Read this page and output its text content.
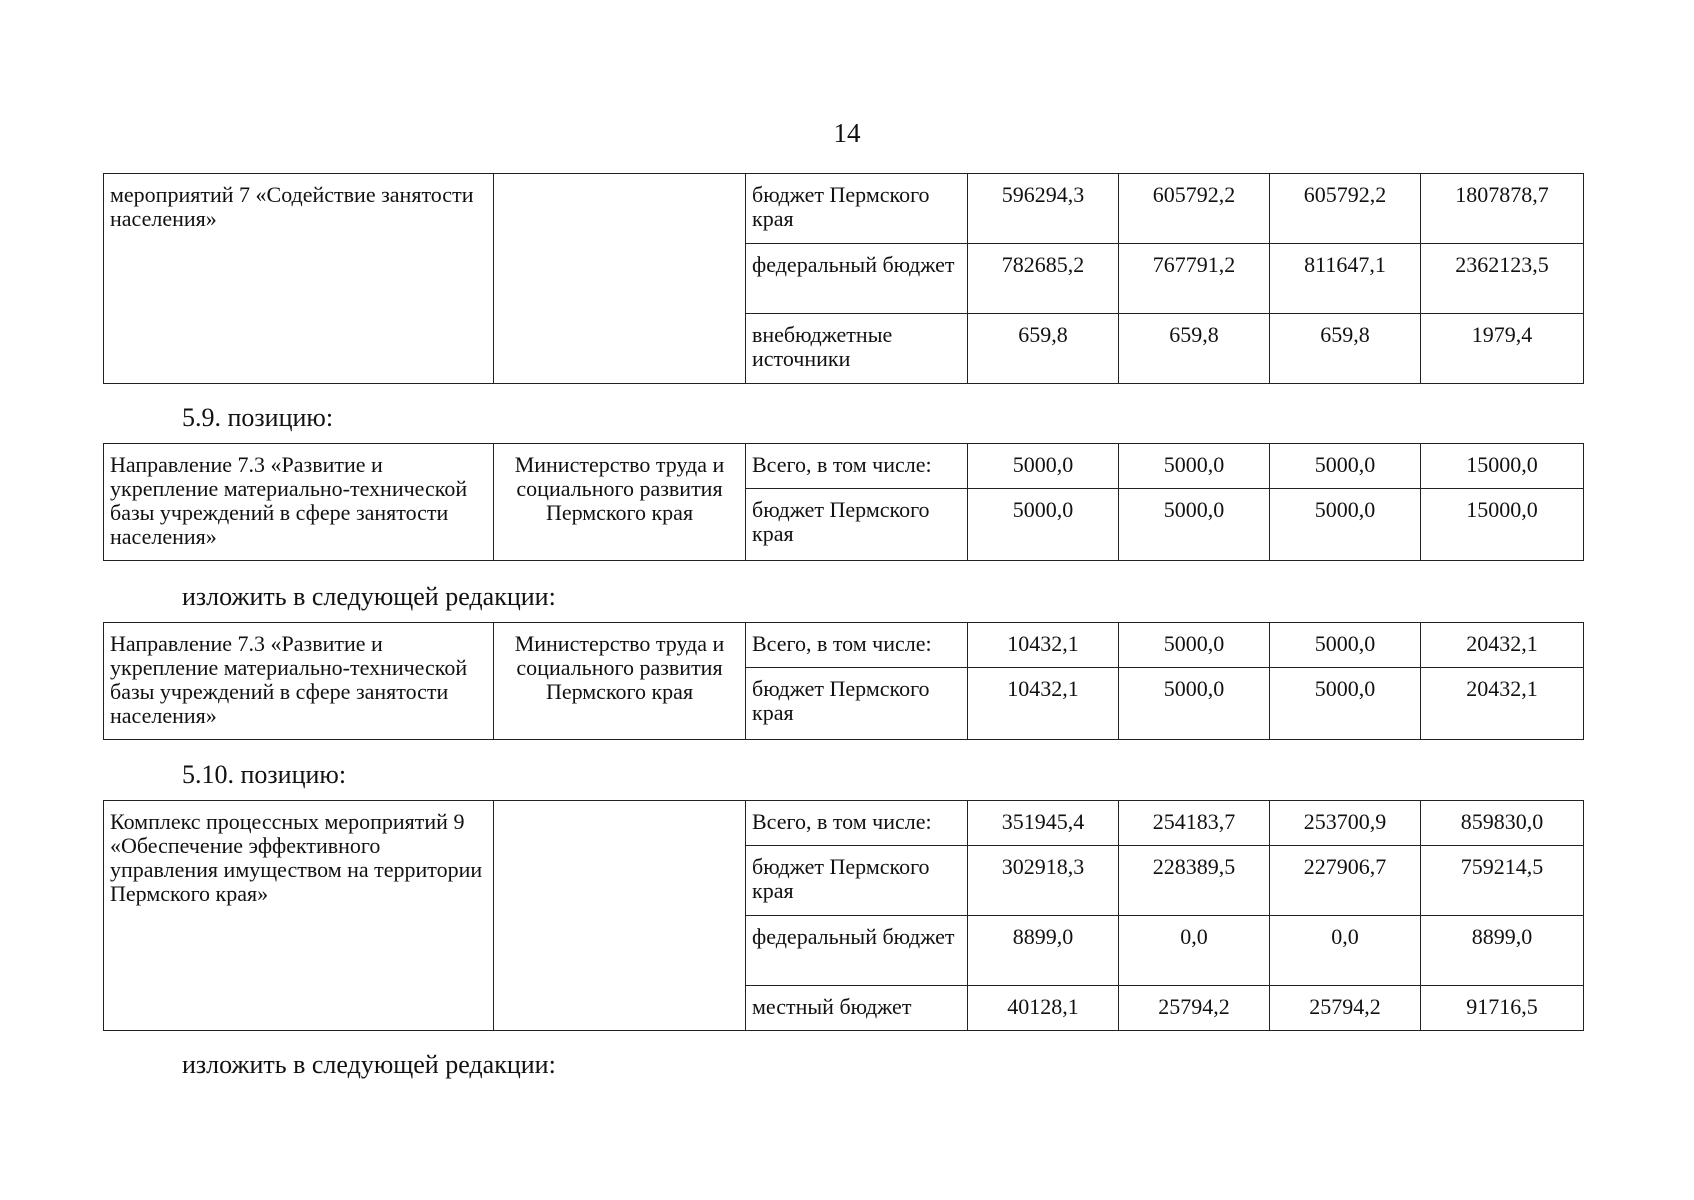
14
мероприятий 7 «Содействие занятости населения»		бюджет Пермского края	596294,3	605792,2	605792,2	1807878,7
		федеральный бюджет	782685,2	767791,2	811647,1	2362123,5
		внебюджетные источники	659,8	659,8	659,8	1979,4
5.9. позицию:
Направление 7.3 «Развитие и укрепление материально-технической базы учреждений в сфере занятости населения»	Министерство труда и социального развития Пермского края	Всего, в том числе:	5000,0	5000,0	5000,0	15000,0
		бюджет Пермского края	5000,0	5000,0	5000,0	15000,0
изложить в следующей редакции:
Направление 7.3 «Развитие и укрепление материально-технической базы учреждений в сфере занятости населения»	Министерство труда и социального развития Пермского края	Всего, в том числе:	10432,1	5000,0	5000,0	20432,1
		бюджет Пермского края	10432,1	5000,0	5000,0	20432,1
5.10. позицию:
Комплекс процессных мероприятий 9 «Обеспечение эффективного управления имуществом на территории Пермского края»		Всего, в том числе:	351945,4	254183,7	253700,9	859830,0
		бюджет Пермского края	302918,3	228389,5	227906,7	759214,5
		федеральный бюджет	8899,0	0,0	0,0	8899,0
		местный бюджет	40128,1	25794,2	25794,2	91716,5
изложить в следующей редакции:
